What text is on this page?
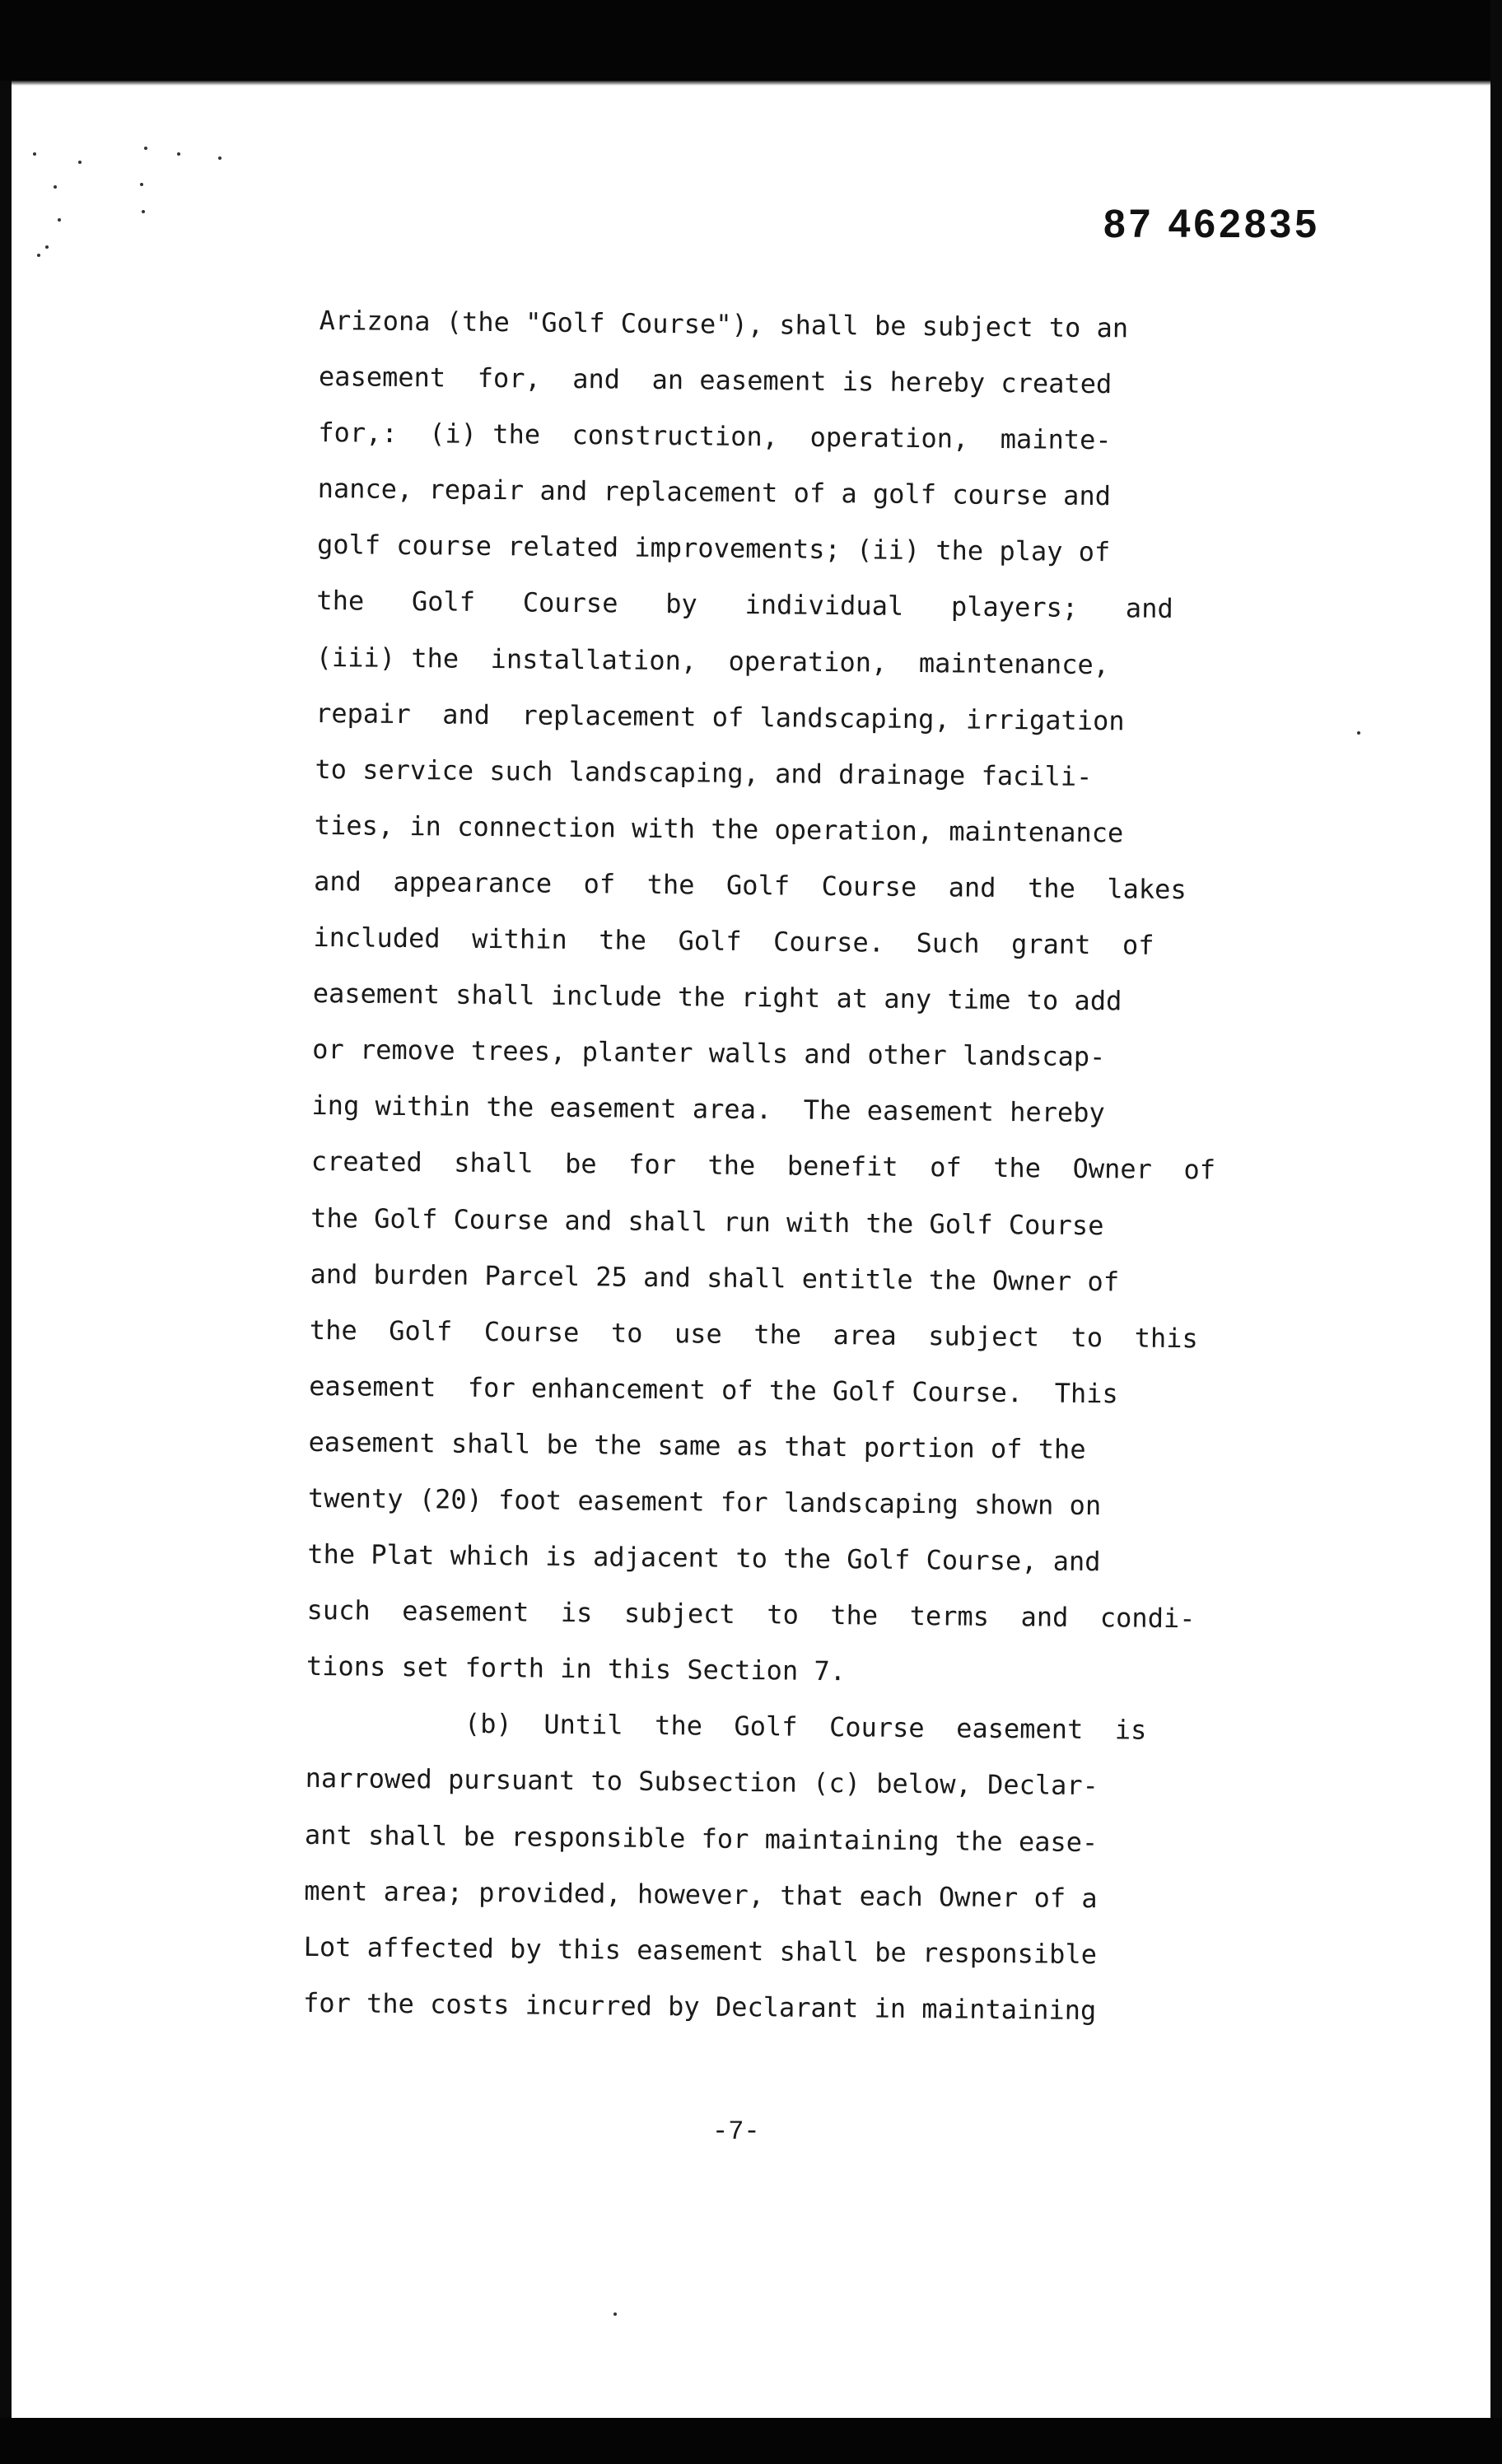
87 462835
Arizona (the "Golf Course"), shall be subject to an
easement  for,  and  an easement is hereby created
for,:  (i) the  construction,  operation,  mainte-
nance, repair and replacement of a golf course and
golf course related improvements; (ii) the play of
the   Golf   Course   by   individual   players;   and
(iii) the  installation,  operation,  maintenance,
repair  and  replacement of landscaping, irrigation
to service such landscaping, and drainage facili-
ties, in connection with the operation, maintenance
and  appearance  of  the  Golf  Course  and  the  lakes
included  within  the  Golf  Course.  Such  grant  of
easement shall include the right at any time to add
or remove trees, planter walls and other landscap-
ing within the easement area.  The easement hereby
created  shall  be  for  the  benefit  of  the  Owner  of
the Golf Course and shall run with the Golf Course
and burden Parcel 25 and shall entitle the Owner of
the  Golf  Course  to  use  the  area  subject  to  this
easement  for enhancement of the Golf Course.  This
easement shall be the same as that portion of the
twenty (20) foot easement for landscaping shown on
the Plat which is adjacent to the Golf Course, and
such  easement  is  subject  to  the  terms  and  condi-
tions set forth in this Section 7.
(b)  Until  the  Golf  Course  easement  is
narrowed pursuant to Subsection (c) below, Declar-
ant shall be responsible for maintaining the ease-
ment area; provided, however, that each Owner of a
Lot affected by this easement shall be responsible
for the costs incurred by Declarant in maintaining
-7-
